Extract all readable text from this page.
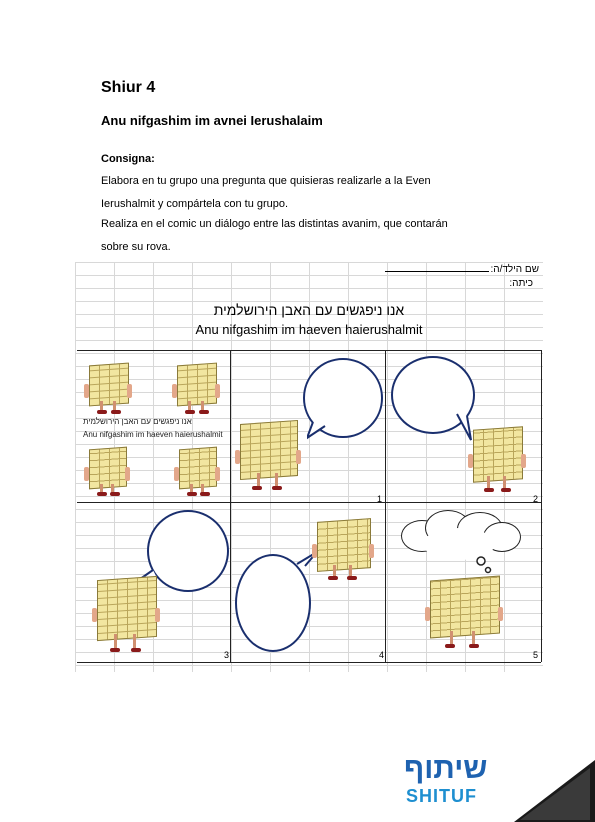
Shiur 4
Anu nifgashim im avnei Ierushalaim
Consigna:
Elabora en tu grupo una pregunta que quisieras realizarle a la Even
Ierushalmit y compártela con tu grupo.
Realiza en el comic un diálogo entre las distintas avanim, que contarán
sobre su rova.
שם הילד/ה:
כיתה:
אנו ניפגשים עם האבן הירושלמית
Anu nifgashim im haeven haierushalmit
אנו ניפגשים עם האבן הירושלמית
Anu nifgashim im haeven haierushalmit
1	2
3	4	5
שיתוף
SHITUF
13
